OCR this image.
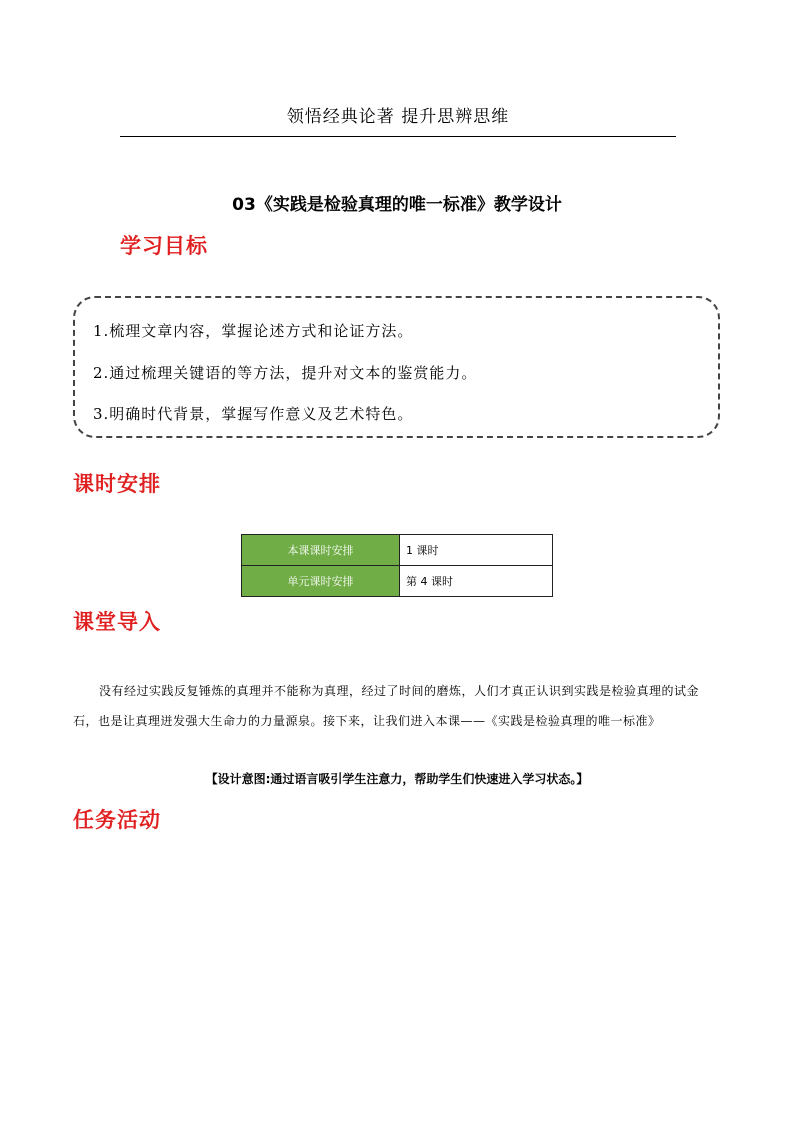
领悟经典论著 提升思辨思维
03《实践是检验真理的唯一标准》教学设计
学习目标
1.梳理文章内容，掌握论述方式和论证方法。
2.通过梳理关键语的等方法，提升对文本的鉴赏能力。
3.明确时代背景，掌握写作意义及艺术特色。
课时安排
本课课时安排	1 课时
单元课时安排	第 4 课时
课堂导入

没有经过实践反复锤炼的真理并不能称为真理，经过了时间的磨炼，人们才真正认识到实践是检验真理的试金石，也是让真理迸发强大生命力的力量源泉。接下来，让我们进入本课——《实践是检验真理的唯一标准》

【设计意图:通过语言吸引学生注意力，帮助学生们快速进入学习状态。】
任务活动
